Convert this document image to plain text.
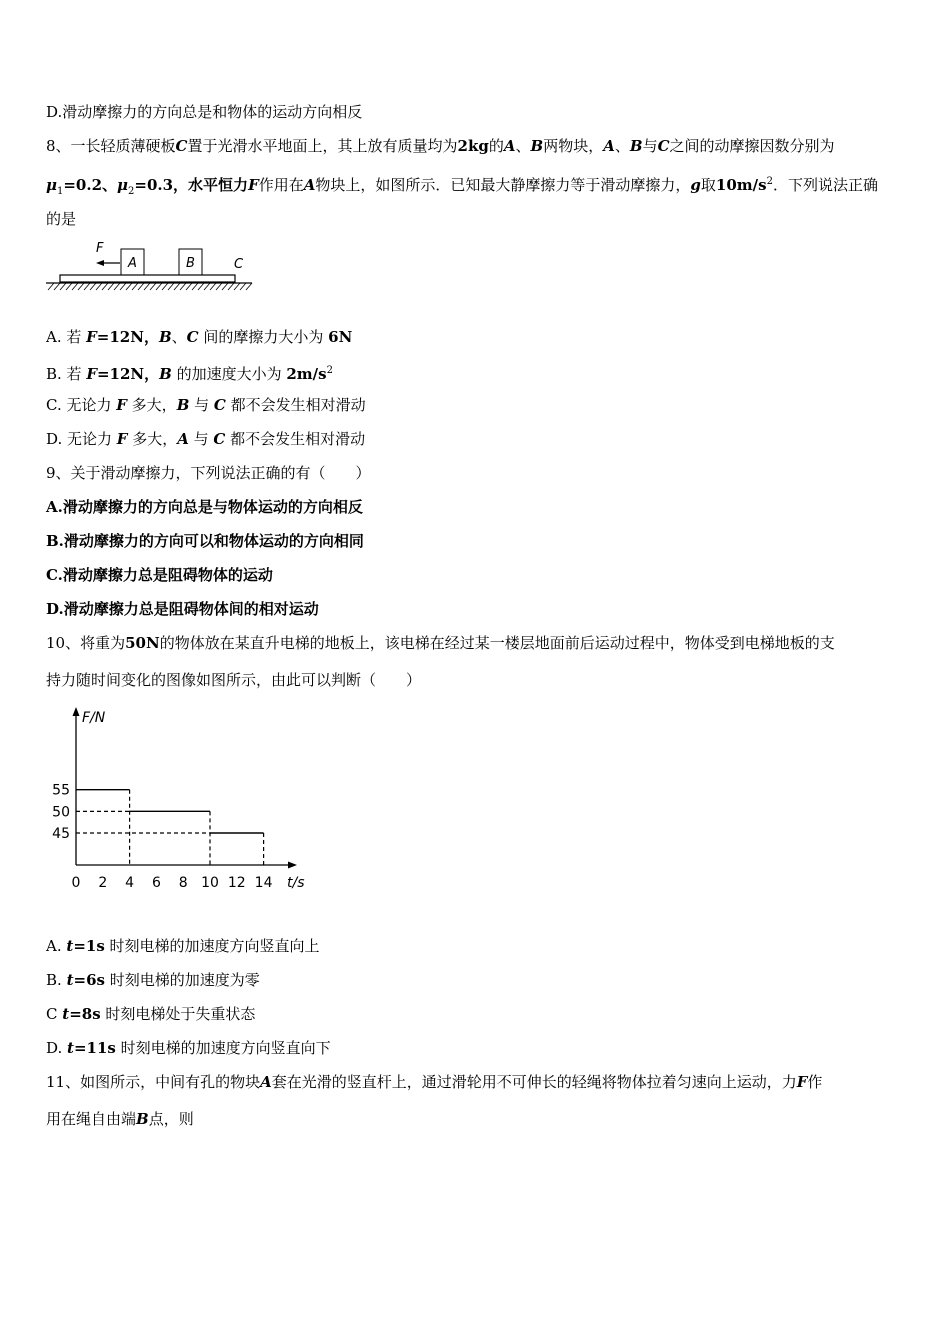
D.滑动摩擦力的方向总是和物体的运动方向相反
8、一长轻质薄硬板C置于光滑水平地面上，其上放有质量均为2kg的A、B两物块，A、B与C之间的动摩擦因数分别为
$\mu_1=0.2$、$\mu_2=0.3$，水平恒力F作用在A物块上，如图所示．已知最大静摩擦力等于滑动摩擦力，g取$10m/s^2$．下列说法正确
的是
F
A	B	C
A. 若 F=12N，B、C 间的摩擦力大小为 6N
B. 若 F=12N，B 的加速度大小为 $2m/s^2$
C. 无论力 F 多大，B 与 C 都不会发生相对滑动
D. 无论力 F 多大，A 与 C 都不会发生相对滑动
9、关于滑动摩擦力，下列说法正确的有（　　）
A.滑动摩擦力的方向总是与物体运动的方向相反
B.滑动摩擦力的方向可以和物体运动的方向相同
C.滑动摩擦力总是阻碍物体的运动
D.滑动摩擦力总是阻碍物体间的相对运动
10、将重为50N的物体放在某直升电梯的地板上，该电梯在经过某一楼层地面前后运动过程中，物体受到电梯地板的支
持力随时间变化的图像如图所示，由此可以判断（　　）
F/N
t/s
0 2 4 6 8 10 12 14
55
50
45
A. t=1s 时刻电梯的加速度方向竖直向上
B. t=6s 时刻电梯的加速度为零
C t=8s 时刻电梯处于失重状态
D. t=11s 时刻电梯的加速度方向竖直向下
11、如图所示，中间有孔的物块A套在光滑的竖直杆上，通过滑轮用不可伸长的轻绳将物体拉着匀速向上运动，力F作
用在绳自由端B点，则
